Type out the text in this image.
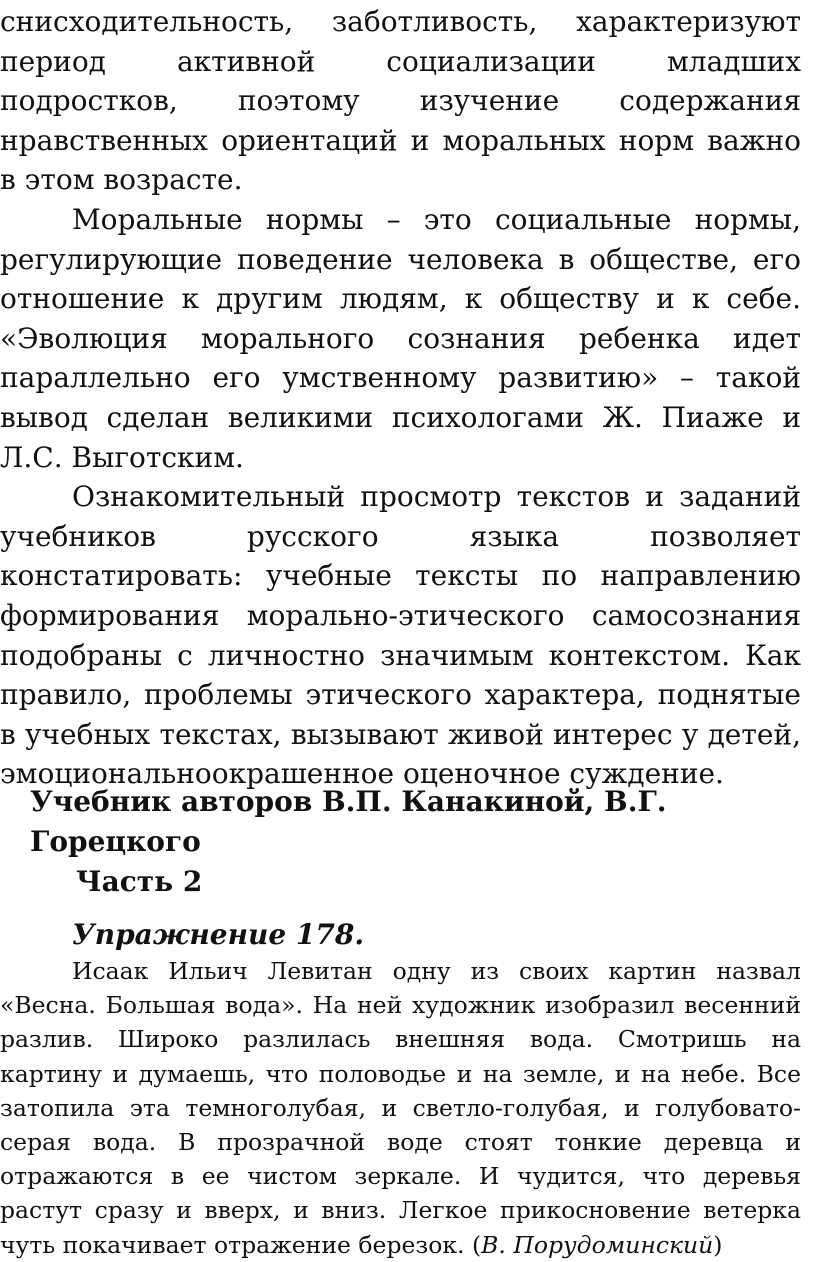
снисходительность, заботливость, характеризуют период активной социализации младших подростков, поэтому изучение содержания нравственных ориентаций и моральных норм важно в этом возрасте.

Моральные нормы – это социальные нормы, регулирующие поведение человека в обществе, его отношение к другим людям, к обществу и к себе. «Эволюция морального сознания ребенка идет параллельно его умственному развитию» – такой вывод сделан великими психологами Ж. Пиаже и Л.С. Выготским.

Ознакомительный просмотр текстов и заданий учебников русского языка позволяет констатировать: учебные тексты по направлению формирования морально-этического самосознания подобраны с личностно значимым контекстом. Как правило, проблемы этического характера, поднятые в учебных текстах, вызывают живой интерес у детей, эмоциональноокрашенное оценочное суждение.

Учебник авторов В.П. Канакиной, В.Г. Горецкого
Часть 2
Упражнение 178.

Исаак Ильич Левитан одну из своих картин назвал «Весна. Большая вода». На ней художник изобразил весенний разлив. Широко разлилась внешняя вода. Смотришь на картину и думаешь, что половодье и на земле, и на небе. Все затопила эта темноголубая, и светло-голубая, и голубовато-серая вода. В прозрачной воде стоят тонкие деревца и отражаются в ее чистом зеркале. И чудится, что деревья растут сразу и вверх, и вниз. Легкое прикосновение ветерка чуть покачивает отражение березок. (В. Порудоминский)
